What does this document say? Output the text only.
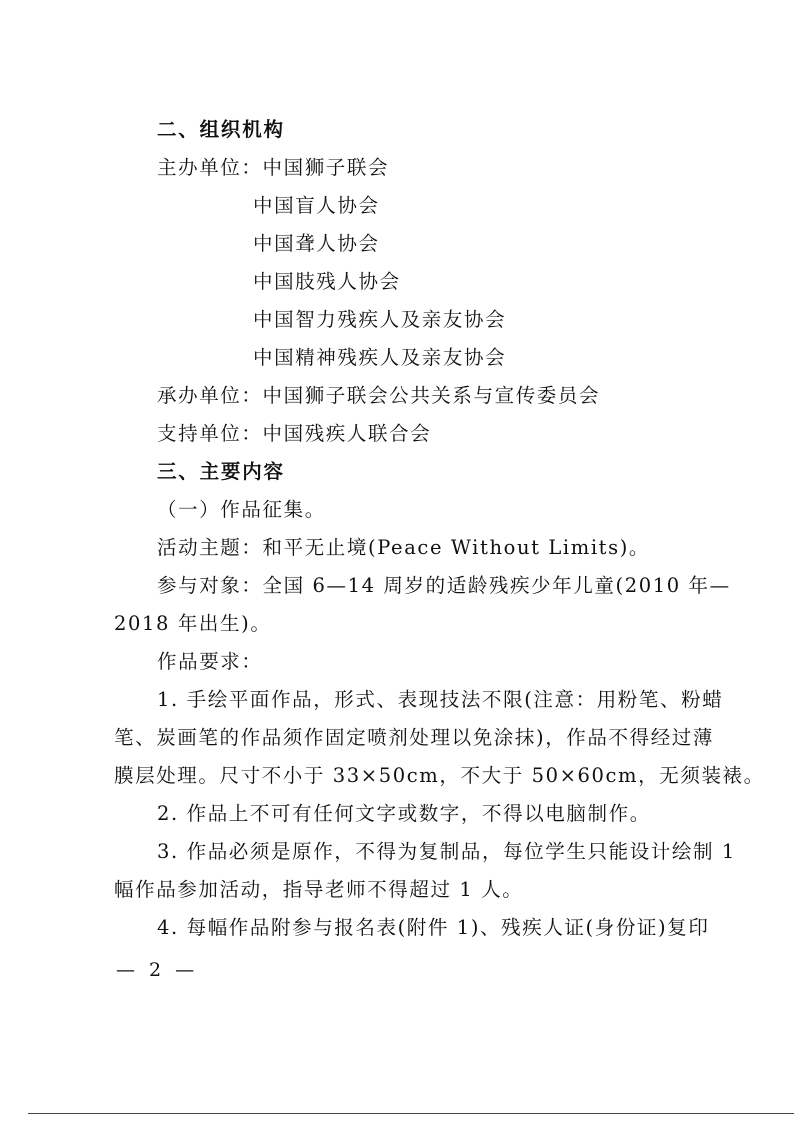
二、组织机构
主办单位：中国狮子联会
中国盲人协会
中国聋人协会
中国肢残人协会
中国智力残疾人及亲友协会
中国精神残疾人及亲友协会
承办单位：中国狮子联会公共关系与宣传委员会
支持单位：中国残疾人联合会
三、主要内容
（一）作品征集。
活动主题：和平无止境(Peace Without Limits)。
参与对象：全国 6—14 周岁的适龄残疾少年儿童(2010 年—
2018 年出生)。
作品要求：
1. 手绘平面作品，形式、表现技法不限(注意：用粉笔、粉蜡
笔、炭画笔的作品须作固定喷剂处理以免涂抹)，作品不得经过薄
膜层处理。尺寸不小于 33×50cm，不大于 50×60cm，无须装裱。
2. 作品上不可有任何文字或数字，不得以电脑制作。
3. 作品必须是原作，不得为复制品，每位学生只能设计绘制 1
幅作品参加活动，指导老师不得超过 1 人。
4. 每幅作品附参与报名表(附件 1)、残疾人证(身份证)复印
— 2 —
